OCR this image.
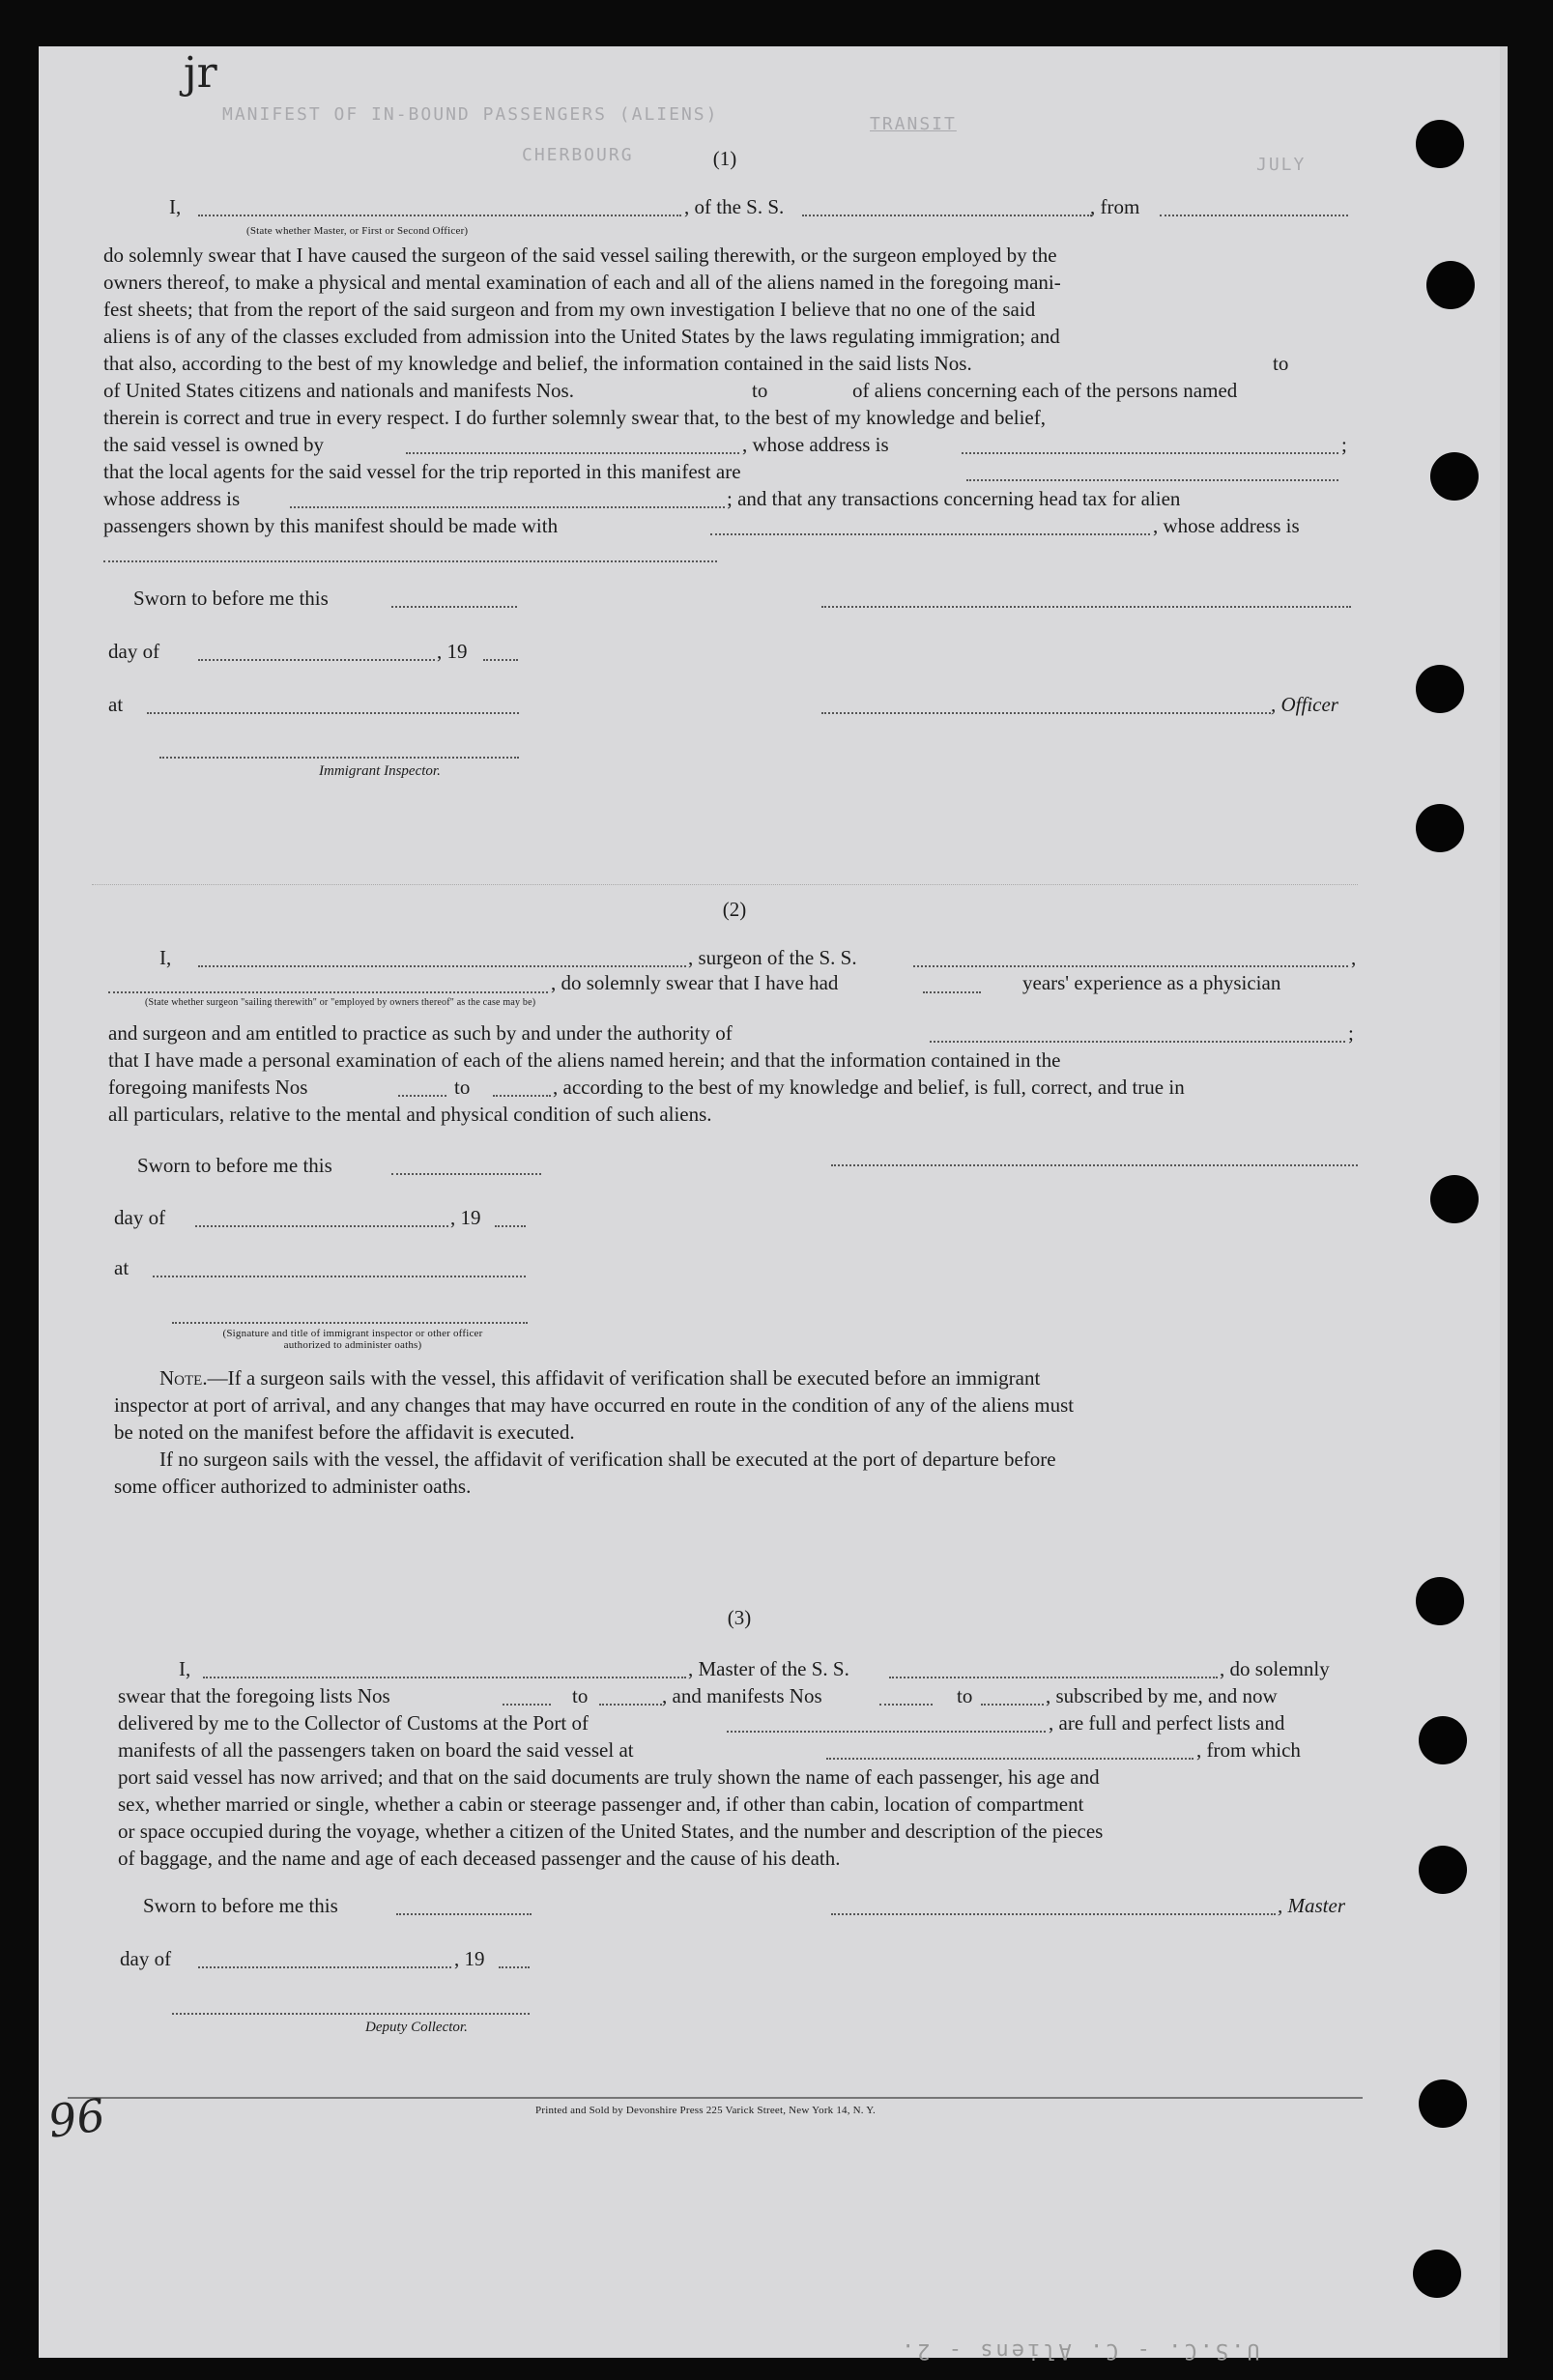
jr
MANIFEST OF IN-BOUND PASSENGERS (ALIENS)	TRANSIT
CHERBOURG	JULY
(1)
I,	, of the S. S.	, from
(State whether Master, or First or Second Officer)
do solemnly swear that I have caused the surgeon of the said vessel sailing therewith, or the surgeon employed by the
owners thereof, to make a physical and mental examination of each and all of the aliens named in the foregoing mani-
fest sheets; that from the report of the said surgeon and from my own investigation I believe that no one of the said
aliens is of any of the classes excluded from admission into the United States by the laws regulating immigration; and
that also, according to the best of my knowledge and belief, the information contained in the said lists Nos.	to
of United States citizens and nationals and manifests Nos.	to	of aliens concerning each of the persons named
therein is correct and true in every respect. I do further solemnly swear that, to the best of my knowledge and belief,
the said vessel is owned by	, whose address is	;
that the local agents for the said vessel for the trip reported in this manifest are
whose address is	; and that any transactions concerning head tax for alien
passengers shown by this manifest should be made with	, whose address is
Sworn to before me this
day of	, 19
at	, Officer
Immigrant Inspector.
(2)
I,	, surgeon of the S. S.	,
, do solemnly swear that I have had	years' experience as a physician
(State whether surgeon "sailing therewith" or "employed by owners thereof" as the case may be)
and surgeon and am entitled to practice as such by and under the authority of	;
that I have made a personal examination of each of the aliens named herein; and that the information contained in the
foregoing manifests Nos	to	, according to the best of my knowledge and belief, is full, correct, and true in
all particulars, relative to the mental and physical condition of such aliens.
Sworn to before me this
day of	, 19
at
(Signature and title of immigrant inspector or other officer authorized to administer oaths)
Note.—If a surgeon sails with the vessel, this affidavit of verification shall be executed before an immigrant
inspector at port of arrival, and any changes that may have occurred en route in the condition of any of the aliens must
be noted on the manifest before the affidavit is executed.
If no surgeon sails with the vessel, the affidavit of verification shall be executed at the port of departure before
some officer authorized to administer oaths.
(3)
I,	, Master of the S. S.	, do solemnly
swear that the foregoing lists Nos	to	, and manifests Nos	to	, subscribed by me, and now
delivered by me to the Collector of Customs at the Port of	, are full and perfect lists and
manifests of all the passengers taken on board the said vessel at	, from which
port said vessel has now arrived; and that on the said documents are truly shown the name of each passenger, his age and
sex, whether married or single, whether a cabin or steerage passenger and, if other than cabin, location of compartment
or space occupied during the voyage, whether a citizen of the United States, and the number and description of the pieces
of baggage, and the name and age of each deceased passenger and the cause of his death.
Sworn to before me this	, Master
day of	, 19
Deputy Collector.
Printed and Sold by Devonshire Press 225 Varick Street, New York 14, N. Y.
96
U.S.C. - C. Aliens - 2.
